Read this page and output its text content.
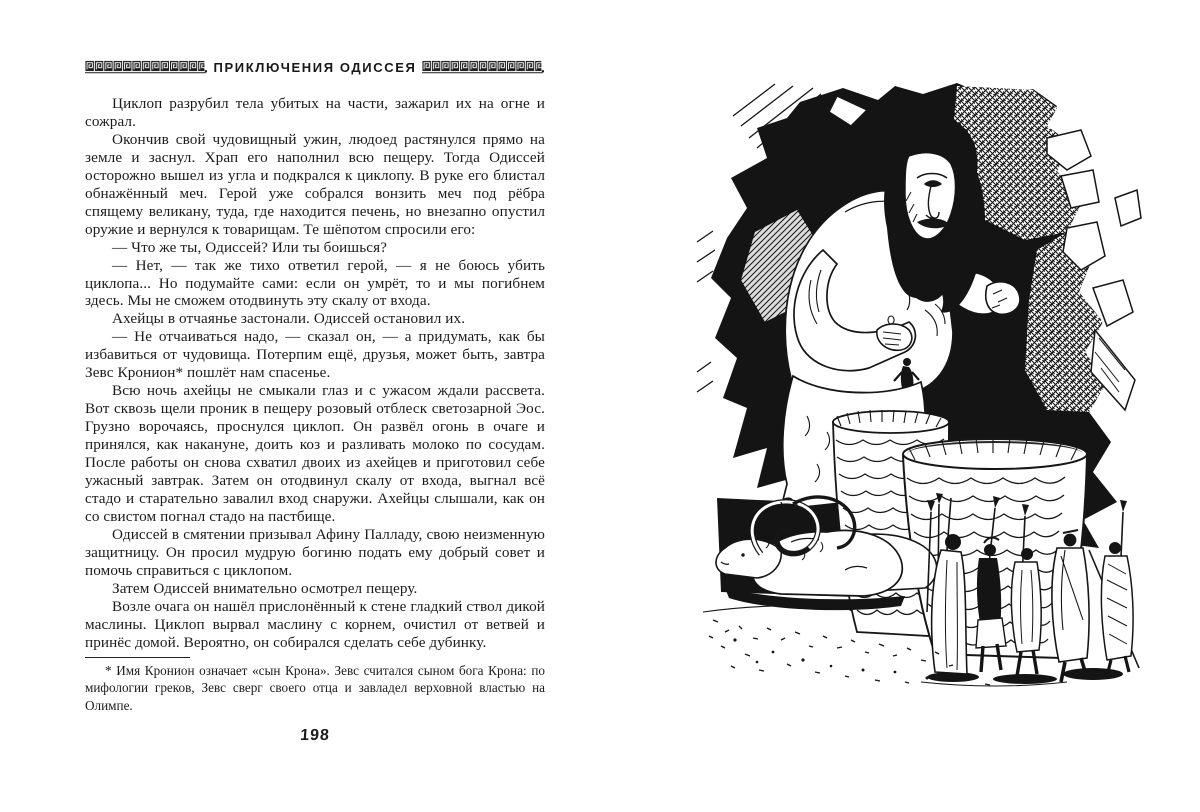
ПРИКЛЮЧЕНИЯ ОДИССЕЯ

Циклоп разрубил тела убитых на части, зажарил их на огне и сожрал.

Окончив свой чудовищный ужин, людоед растянулся прямо на земле и заснул. Храп его наполнил всю пещеру. Тогда Одиссей осторожно вышел из угла и подкрался к циклопу. В руке его блистал обнажённый меч. Герой уже собрался вонзить меч под рёбра спящему великану, туда, где находится печень, но внезапно опустил оружие и вернулся к товарищам. Те шёпотом спросили его:

— Что же ты, Одиссей? Или ты боишься?

— Нет, — так же тихо ответил герой, — я не боюсь убить циклопа... Но подумайте сами: если он умрёт, то и мы погибнем здесь. Мы не сможем отодвинуть эту скалу от входа.

Ахейцы в отчаянье застонали. Одиссей остановил их.

— Не отчаиваться надо, — сказал он, — а придумать, как бы избавиться от чудовища. Потерпим ещё, друзья, может быть, завтра Зевс Кронион* пошлёт нам спасенье.

Всю ночь ахейцы не смыкали глаз и с ужасом ждали рассвета. Вот сквозь щели проник в пещеру розовый отблеск светозарной Эос. Грузно ворочаясь, проснулся циклоп. Он развёл огонь в очаге и принялся, как накануне, доить коз и разливать молоко по сосудам. После работы он снова схватил двоих из ахейцев и приготовил себе ужасный завтрак. Затем он отодвинул скалу от входа, выгнал всё стадо и старательно завалил вход снаружи. Ахейцы слышали, как он со свистом погнал стадо на пастбище.

Одиссей в смятении призывал Афину Палладу, свою неизменную защитницу. Он просил мудрую богиню подать ему добрый совет и помочь справиться с циклопом.

Затем Одиссей внимательно осмотрел пещеру.

Возле очага он нашёл прислонённый к стене гладкий ствол дикой маслины. Циклоп вырвал маслину с корнем, очистил от ветвей и принёс домой. Вероятно, он собирался сделать себе дубинку.

* Имя Кронион означает «сын Крона». Зевс считался сыном бога Крона: по мифологии греков, Зевс сверг своего отца и завладел верховной властью на Олимпе.

198
